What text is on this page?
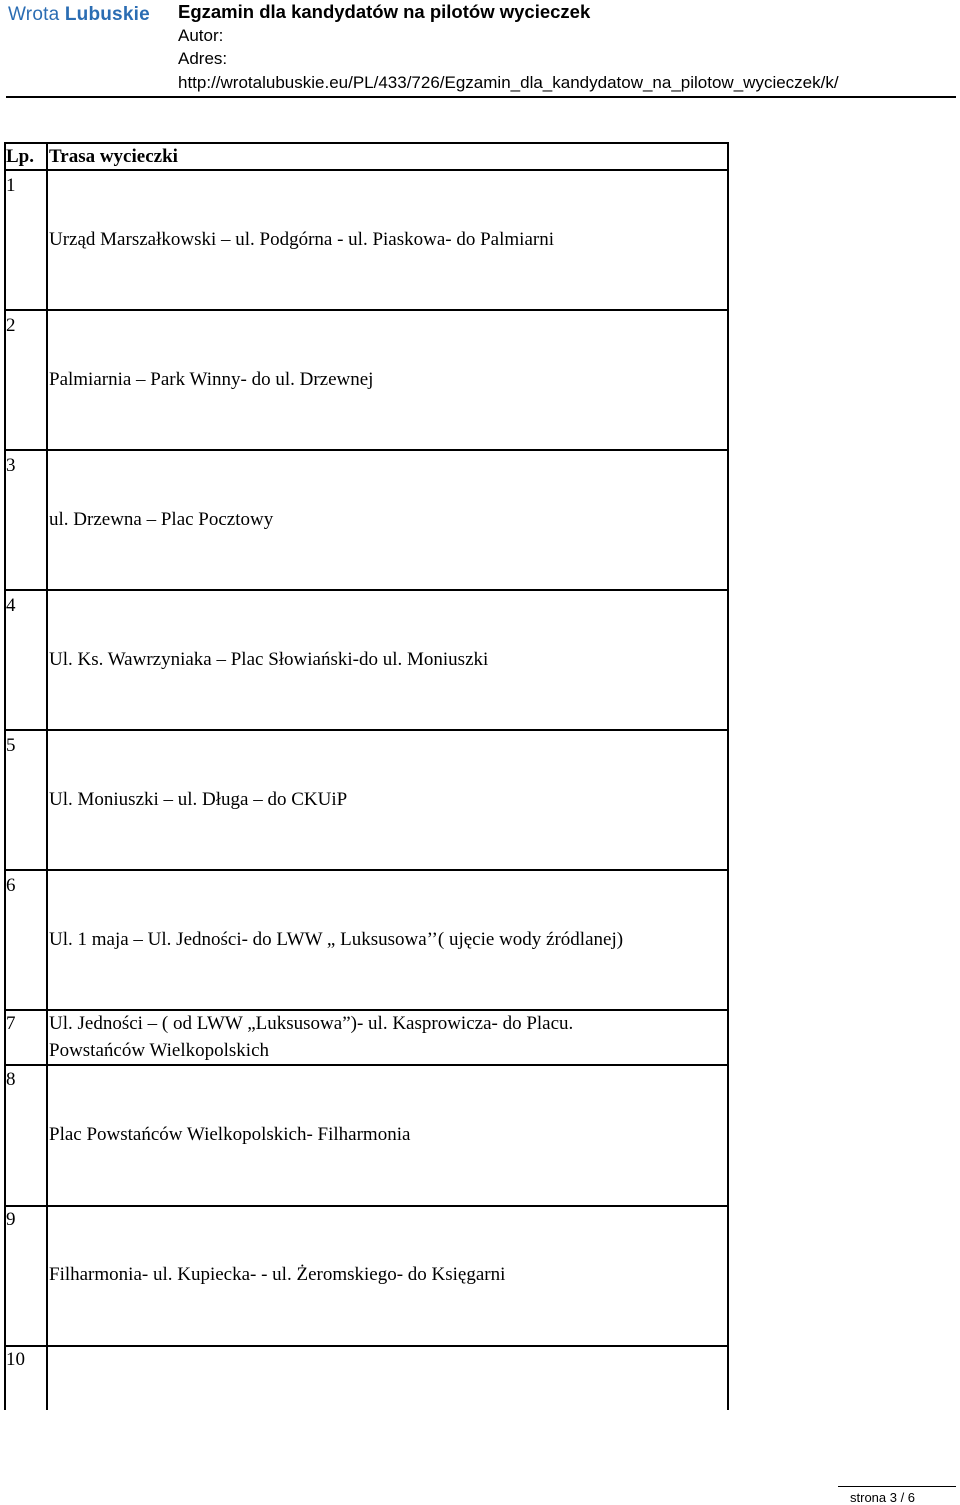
Wrota Lubuskie Egzamin dla kandydatów na pilotów wycieczek
Autor:
Adres:
http://wrotalubuskie.eu/PL/433/726/Egzamin_dla_kandydatow_na_pilotow_wycieczek/k/
Lp. Trasa wycieczki
1
Urząd Marszałkowski – ul. Podgórna - ul. Piaskowa- do Palmiarni
2
Palmiarnia – Park Winny- do ul. Drzewnej
3
ul. Drzewna – Plac Pocztowy
4
Ul. Ks. Wawrzyniaka – Plac Słowiański-do ul. Moniuszki
5
Ul. Moniuszki – ul. Długa – do CKUiP
6
Ul. 1 maja – Ul. Jedności- do LWW „ Luksusowa’’( ujęcie wody źródlanej)
7 Ul. Jedności – ( od LWW „Luksusowa”)- ul. Kasprowicza- do Placu.
Powstańców Wielkopolskich
8
Plac Powstańców Wielkopolskich- Filharmonia
9
Filharmonia- ul. Kupiecka- - ul. Żeromskiego- do Księgarni
10
strona 3 / 6
